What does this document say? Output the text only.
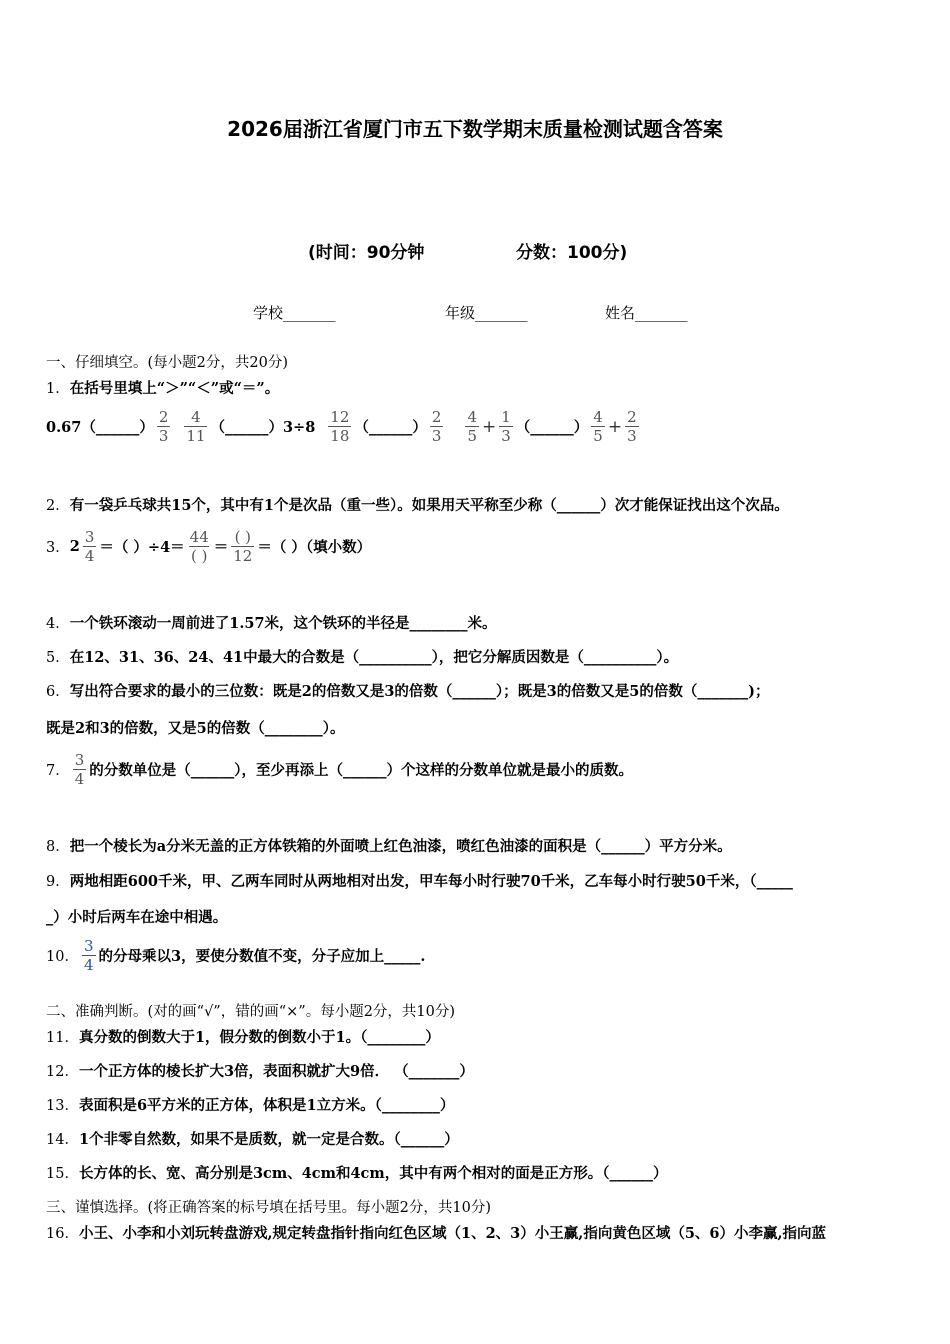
2026届浙江省厦门市五下数学期末质量检测试题含答案
(时间：90分钟	分数：100分)
学校_______	年级_______	姓名_______
一、仔细填空。(每小题2分，共20分)
1．在括号里填上“＞”“＜”或“＝”。
0.67（______） $\frac{2}{3} \frac{4}{11}$ （______）3÷8 $\frac{12}{18}$ （______） $\frac{2}{3} \frac{4}{5} + \frac{1}{3}$ （______） $\frac{4}{5} + \frac{2}{3}$
2．有一袋乒乓球共15个，其中有1个是次品（重一些）。如果用天平称至少称（______）次才能保证找出这个次品。
3． $2 \frac{3}{4}$ ＝（ ）$\div 4= \frac{44}{( )} = \frac{( )}{12}$ ＝（ ）（填小数）
4．一个铁环滚动一周前进了1.57米，这个铁环的半径是________米。
5．在12、31、36、24、41中最大的合数是（__________），把它分解质因数是（__________）。
6．写出符合要求的最小的三位数：既是2的倍数又是3的倍数（______）；既是3的倍数又是5的倍数（_______)；
既是2和3的倍数，又是5的倍数（________）。
7． $\frac{3}{4}$ 的分数单位是（______），至少再添上（______）个这样的分数单位就是最小的质数。
8．把一个棱长为a分米无盖的正方体铁箱的外面喷上红色油漆，喷红色油漆的面积是（______）平方分米。
9．两地相距600千米，甲、乙两车同时从两地相对出发，甲车每小时行驶70千米，乙车每小时行驶50千米，（_____
_）小时后两车在途中相遇。
10． $\frac{3}{4}$ 的分母乘以3，要使分数值不变，分子应加上_____.
二、准确判断。(对的画“√”，错的画“×”。每小题2分，共10分)
11．真分数的倒数大于1，假分数的倒数小于1。（________）
12．一个正方体的棱长扩大3倍，表面积就扩大9倍． （_______）
13．表面积是6平方米的正方体，体积是1立方米。（________）
14．1个非零自然数，如果不是质数，就一定是合数。（______）
15．长方体的长、宽、高分别是3cm、4cm和4cm，其中有两个相对的面是正方形。（______）
三、谨慎选择。(将正确答案的标号填在括号里。每小题2分，共10分)
16．小王、小李和小刘玩转盘游戏,规定转盘指针指向红色区域（1、2、3）小王赢,指向黄色区域（5、6）小李赢,指向蓝
